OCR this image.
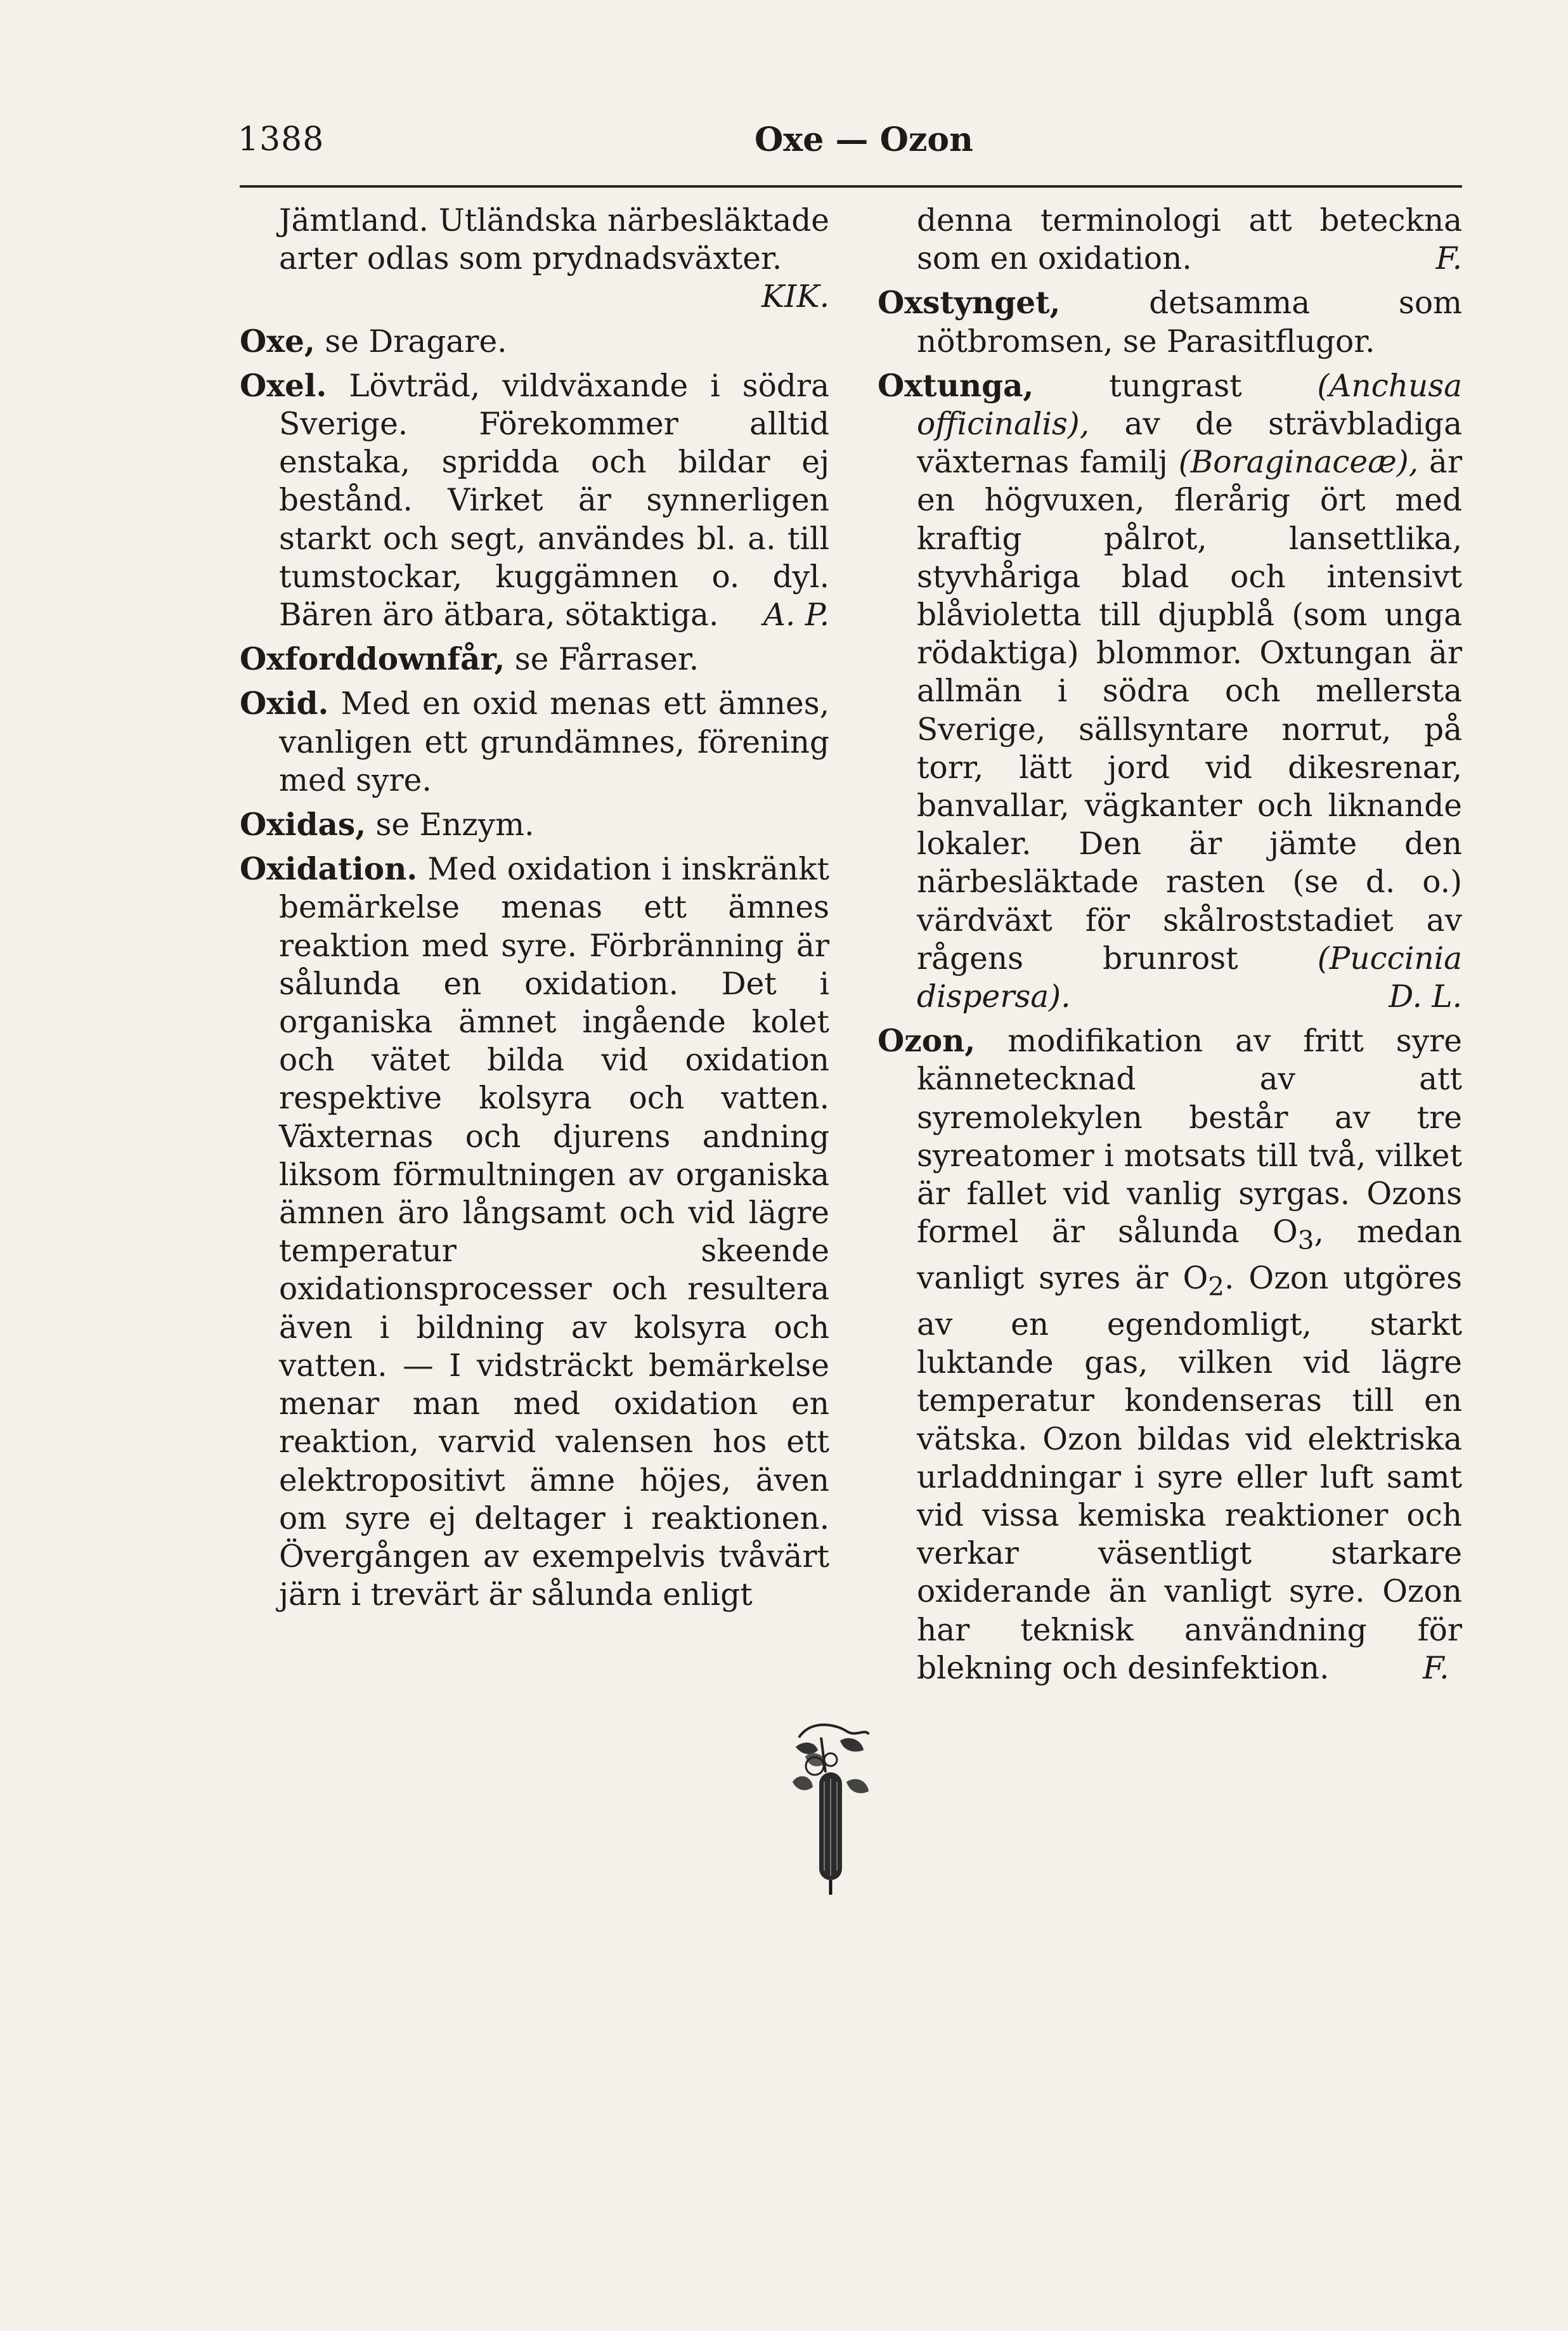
1388	Oxe — Ozon

Jämtland. Utländska närbesläktade arter odlas som prydnadsväxter.
KIK.

Oxe, se Dragare.

Oxel. Lövträd, vildväxande i södra Sverige. Förekommer alltid enstaka, spridda och bildar ej bestånd. Virket är synnerligen starkt och segt, användes bl. a. till tumstockar, kuggämnen o. dyl. Bären äro ätbara, sötaktiga. A. P.

Oxforddownfår, se Fårraser.

Oxid. Med en oxid menas ett ämnes, vanligen ett grundämnes, förening med syre.

Oxidas, se Enzym.

Oxidation. Med oxidation i inskränkt bemärkelse menas ett ämnes reaktion med syre. Förbränning är sålunda en oxidation. Det i organiska ämnet ingående kolet och vätet bilda vid oxidation respektive kolsyra och vatten. Växternas och djurens andning liksom förmultningen av organiska ämnen äro långsamt och vid lägre temperatur skeende oxidationsprocesser och resultera även i bildning av kolsyra och vatten. — I vidsträckt bemärkelse menar man med oxidation en reaktion, varvid valensen hos ett elektropositivt ämne höjes, även om syre ej deltager i reaktionen. Övergången av exempelvis tvåvärt järn i trevärt är sålunda enligt

denna terminologi att beteckna som en oxidation.	F.

Oxstynget,	detsamma som nötbromsen, se Parasitflugor.

Oxtunga, tungrast (Anchusa officinalis), av de strävbladiga växternas familj (Boraginaceæ), är en högvuxen, flerårig ört med kraftig pålrot, lansettlika, styvhåriga blad och intensivt blåvioletta till djupblå (som unga rödaktiga) blommor. Oxtungan är allmän i södra och mellersta Sverige, sällsyntare norrut, på torr, lätt jord vid dikesrenar, banvallar, vägkanter och liknande lokaler. Den är jämte den närbesläktade rasten (se d. o.) värdväxt för skålroststadiet av rågens brunrost	(Puccinia dispersa).	D. L.

Ozon, modifikation av fritt syre kännetecknad av att syremolekylen består av tre syreatomer i motsats till två, vilket är fallet vid vanlig syrgas. Ozons formel är sålunda $O_3$, medan vanligt syres är $O_2$. Ozon utgöres av en egendomligt, starkt luktande gas, vilken vid lägre temperatur kondenseras till en vätska. Ozon bildas vid elektriska urladdningar i syre eller luft samt vid vissa kemiska reaktioner och verkar väsentligt starkare oxiderande än vanligt syre. Ozon har teknisk användning för blekning och desinfektion.	F.
